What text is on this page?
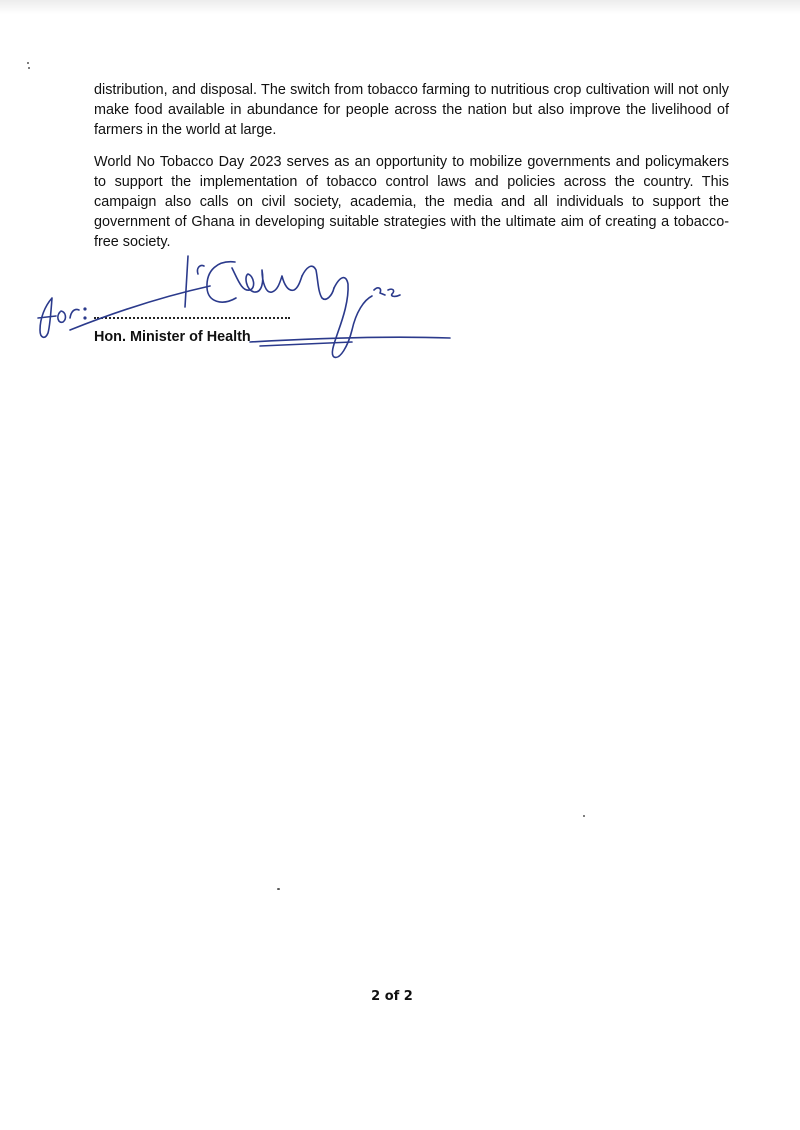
distribution, and disposal. The switch from tobacco farming to nutritious crop cultivation will not only make food available in abundance for people across the nation but also improve the livelihood of farmers in the world at large.

World No Tobacco Day 2023 serves as an opportunity to mobilize governments and policymakers to support the implementation of tobacco control laws and policies across the country. This campaign also calls on civil society, academia, the media and all individuals to support the government of Ghana in developing suitable strategies with the ultimate aim of creating a tobacco-free society.

Hon. Minister of Health

2 of 2
